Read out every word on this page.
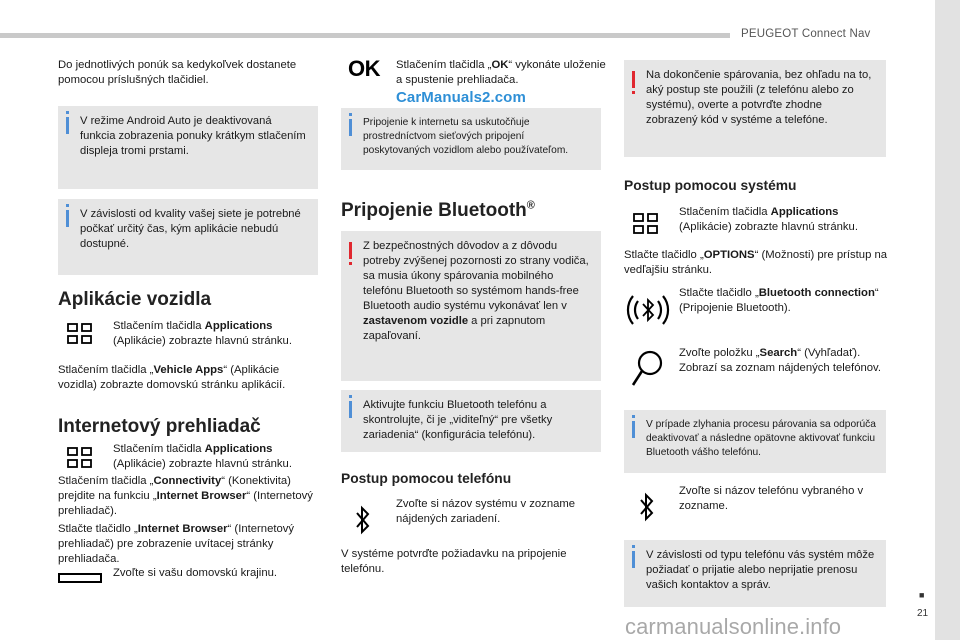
PEUGEOT Connect Nav
■
21
Do jednotlivých ponúk sa kedykoľvek dostanete pomocou príslušných tlačidiel.
V režime Android Auto je deaktivovaná funkcia zobrazenia ponuky krátkym stlačením displeja tromi prstami.
V závislosti od kvality vašej siete je potrebné počkať určitý čas, kým aplikácie nebudú dostupné.
Aplikácie vozidla
Stlačením tlačidla Applications (Aplikácie) zobrazte hlavnú stránku.
Stlačením tlačidla „Vehicle Apps“ (Aplikácie vozidla) zobrazte domovskú stránku aplikácií.
Internetový prehliadač
Stlačením tlačidla Applications (Aplikácie) zobrazte hlavnú stránku.
Stlačením tlačidla „Connectivity“ (Konektivita) prejdite na funkciu „Internet Browser“ (Internetový prehliadač).
Stlačte tlačidlo „Internet Browser“ (Internetový prehliadač) pre zobrazenie uvítacej stránky prehliadača.
Zvoľte si vašu domovskú krajinu.
OK	Stlačením tlačidla „OK“ vykonáte uloženie a spustenie prehliadača.
CarManuals2.com
Pripojenie k internetu sa uskutočňuje prostredníctvom sieťových pripojení poskytovaných vozidlom alebo používateľom.
Pripojenie Bluetooth®
Z bezpečnostných dôvodov a z dôvodu potreby zvýšenej pozornosti zo strany vodiča, sa musia úkony spárovania mobilného telefónu Bluetooth so systémom hands-free Bluetooth audio systému vykonávať len v zastavenom vozidle a pri zapnutom zapaľovaní.
Aktivujte funkciu Bluetooth telefónu a skontrolujte, či je „viditeľný“ pre všetky zariadenia“ (konfigurácia telefónu).
Postup pomocou telefónu
Zvoľte si názov systému v zozname nájdených zariadení.
V systéme potvrďte požiadavku na pripojenie telefónu.
Na dokončenie spárovania, bez ohľadu na to, aký postup ste použili (z telefónu alebo zo systému), overte a potvrďte zhodne zobrazený kód v systéme a telefóne.
Postup pomocou systému
Stlačením tlačidla Applications (Aplikácie) zobrazte hlavnú stránku.
Stlačte tlačidlo „OPTIONS“ (Možnosti) pre prístup na vedľajšiu stránku.
Stlačte tlačidlo „Bluetooth connection“ (Pripojenie Bluetooth).
Zvoľte položku „Search“ (Vyhľadať). Zobrazí sa zoznam nájdených telefónov.
V prípade zlyhania procesu párovania sa odporúča deaktivovať a následne opätovne aktivovať funkciu Bluetooth vášho telefónu.
Zvoľte si názov telefónu vybraného v zozname.
V závislosti od typu telefónu vás systém môže požiadať o prijatie alebo neprijatie prenosu vašich kontaktov a správ.
carmanualsonline.info
